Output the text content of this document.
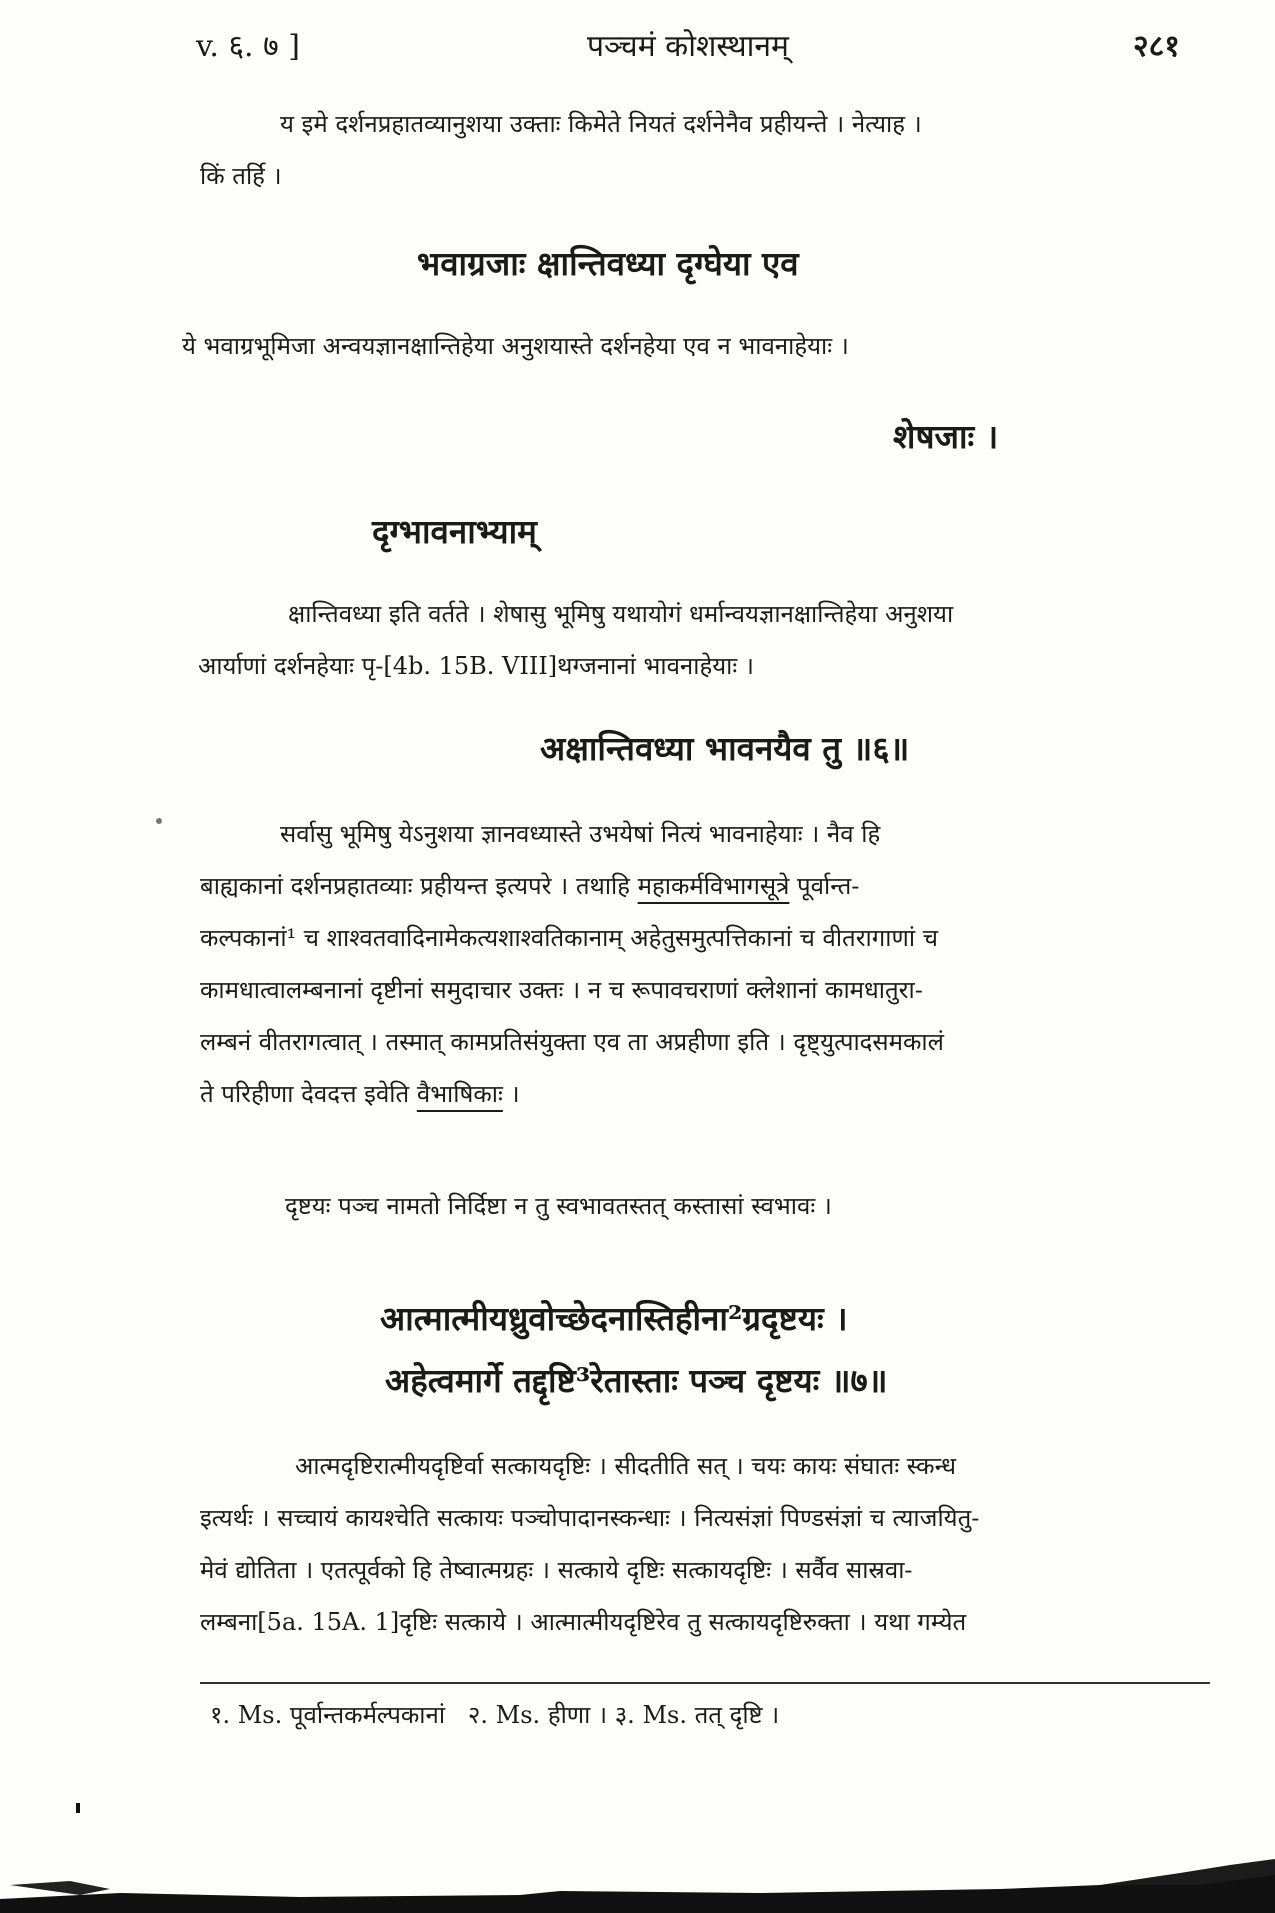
v. ६. ७ ]	पञ्चमं कोशस्थानम्	२८१
य इमे दर्शनप्रहातव्यानुशया उक्ताः किमेते नियतं दर्शनेनैव प्रहीयन्ते । नेत्याह ।
किं तर्हि ।
भवाग्रजाः क्षान्तिवध्या दृग्घेया एव
ये भवाग्रभूमिजा अन्वयज्ञानक्षान्तिहेया अनुशयास्ते दर्शनहेया एव न भावनाहेयाः ।
शेषजाः ।
दृग्भावनाभ्याम्
क्षान्तिवध्या इति वर्तते । शेषासु भूमिषु यथायोगं धर्मान्वयज्ञानक्षान्तिहेया अनुशया
आर्याणां दर्शनहेयाः पृ-[4b. 15B. VIII]थग्जनानां भावनाहेयाः ।
अक्षान्तिवध्या भावनयैव तु ॥६॥
सर्वासु भूमिषु येऽनुशया ज्ञानवध्यास्ते उभयेषां नित्यं भावनाहेयाः । नैव हि
बाह्यकानां दर्शनप्रहातव्याः प्रहीयन्त इत्यपरे । तथाहि महाकर्मविभागसूत्रे पूर्वान्त-
कल्पकानां¹ च शाश्वतवादिनामेकत्यशाश्वतिकानाम् अहेतुसमुत्पत्तिकानां च वीतरागाणां च
कामधात्वालम्बनानां दृष्टीनां समुदाचार उक्तः । न च रूपावचराणां क्लेशानां कामधातुरा-
लम्बनं वीतरागत्वात् । तस्मात् कामप्रतिसंयुक्ता एव ता अप्रहीणा इति । दृष्ट्युत्पादसमकालं
ते परिहीणा देवदत्त इवेति वैभाषिकाः ।
दृष्टयः पञ्च नामतो निर्दिष्टा न तु स्वभावतस्तत् कस्तासां स्वभावः ।
आत्मात्मीयध्रुवोच्छेदनास्तिहीना²ग्रदृष्टयः ।
अहेत्वमार्गे तद्दृष्टि³रेतास्ताः पञ्च दृष्टयः ॥७॥
आत्मदृष्टिरात्मीयदृष्टिर्वा सत्कायदृष्टिः । सीदतीति सत् । चयः कायः संघातः स्कन्ध
इत्यर्थः । सच्चायं कायश्चेति सत्कायः पञ्चोपादानस्कन्धाः । नित्यसंज्ञां पिण्डसंज्ञां च त्याजयितु-
मेवं द्योतिता । एतत्पूर्वको हि तेष्वात्मग्रहः । सत्काये दृष्टिः सत्कायदृष्टिः । सर्वैव सास्रवा-
लम्बना[5a. 15A. 1]दृष्टिः सत्काये । आत्मात्मीयदृष्टिरेव तु सत्कायदृष्टिरुक्ता । यथा गम्येत
१. Ms. पूर्वान्तकर्मल्पकानां   २. Ms. हीणा । ३. Ms. तत् दृष्टि ।
